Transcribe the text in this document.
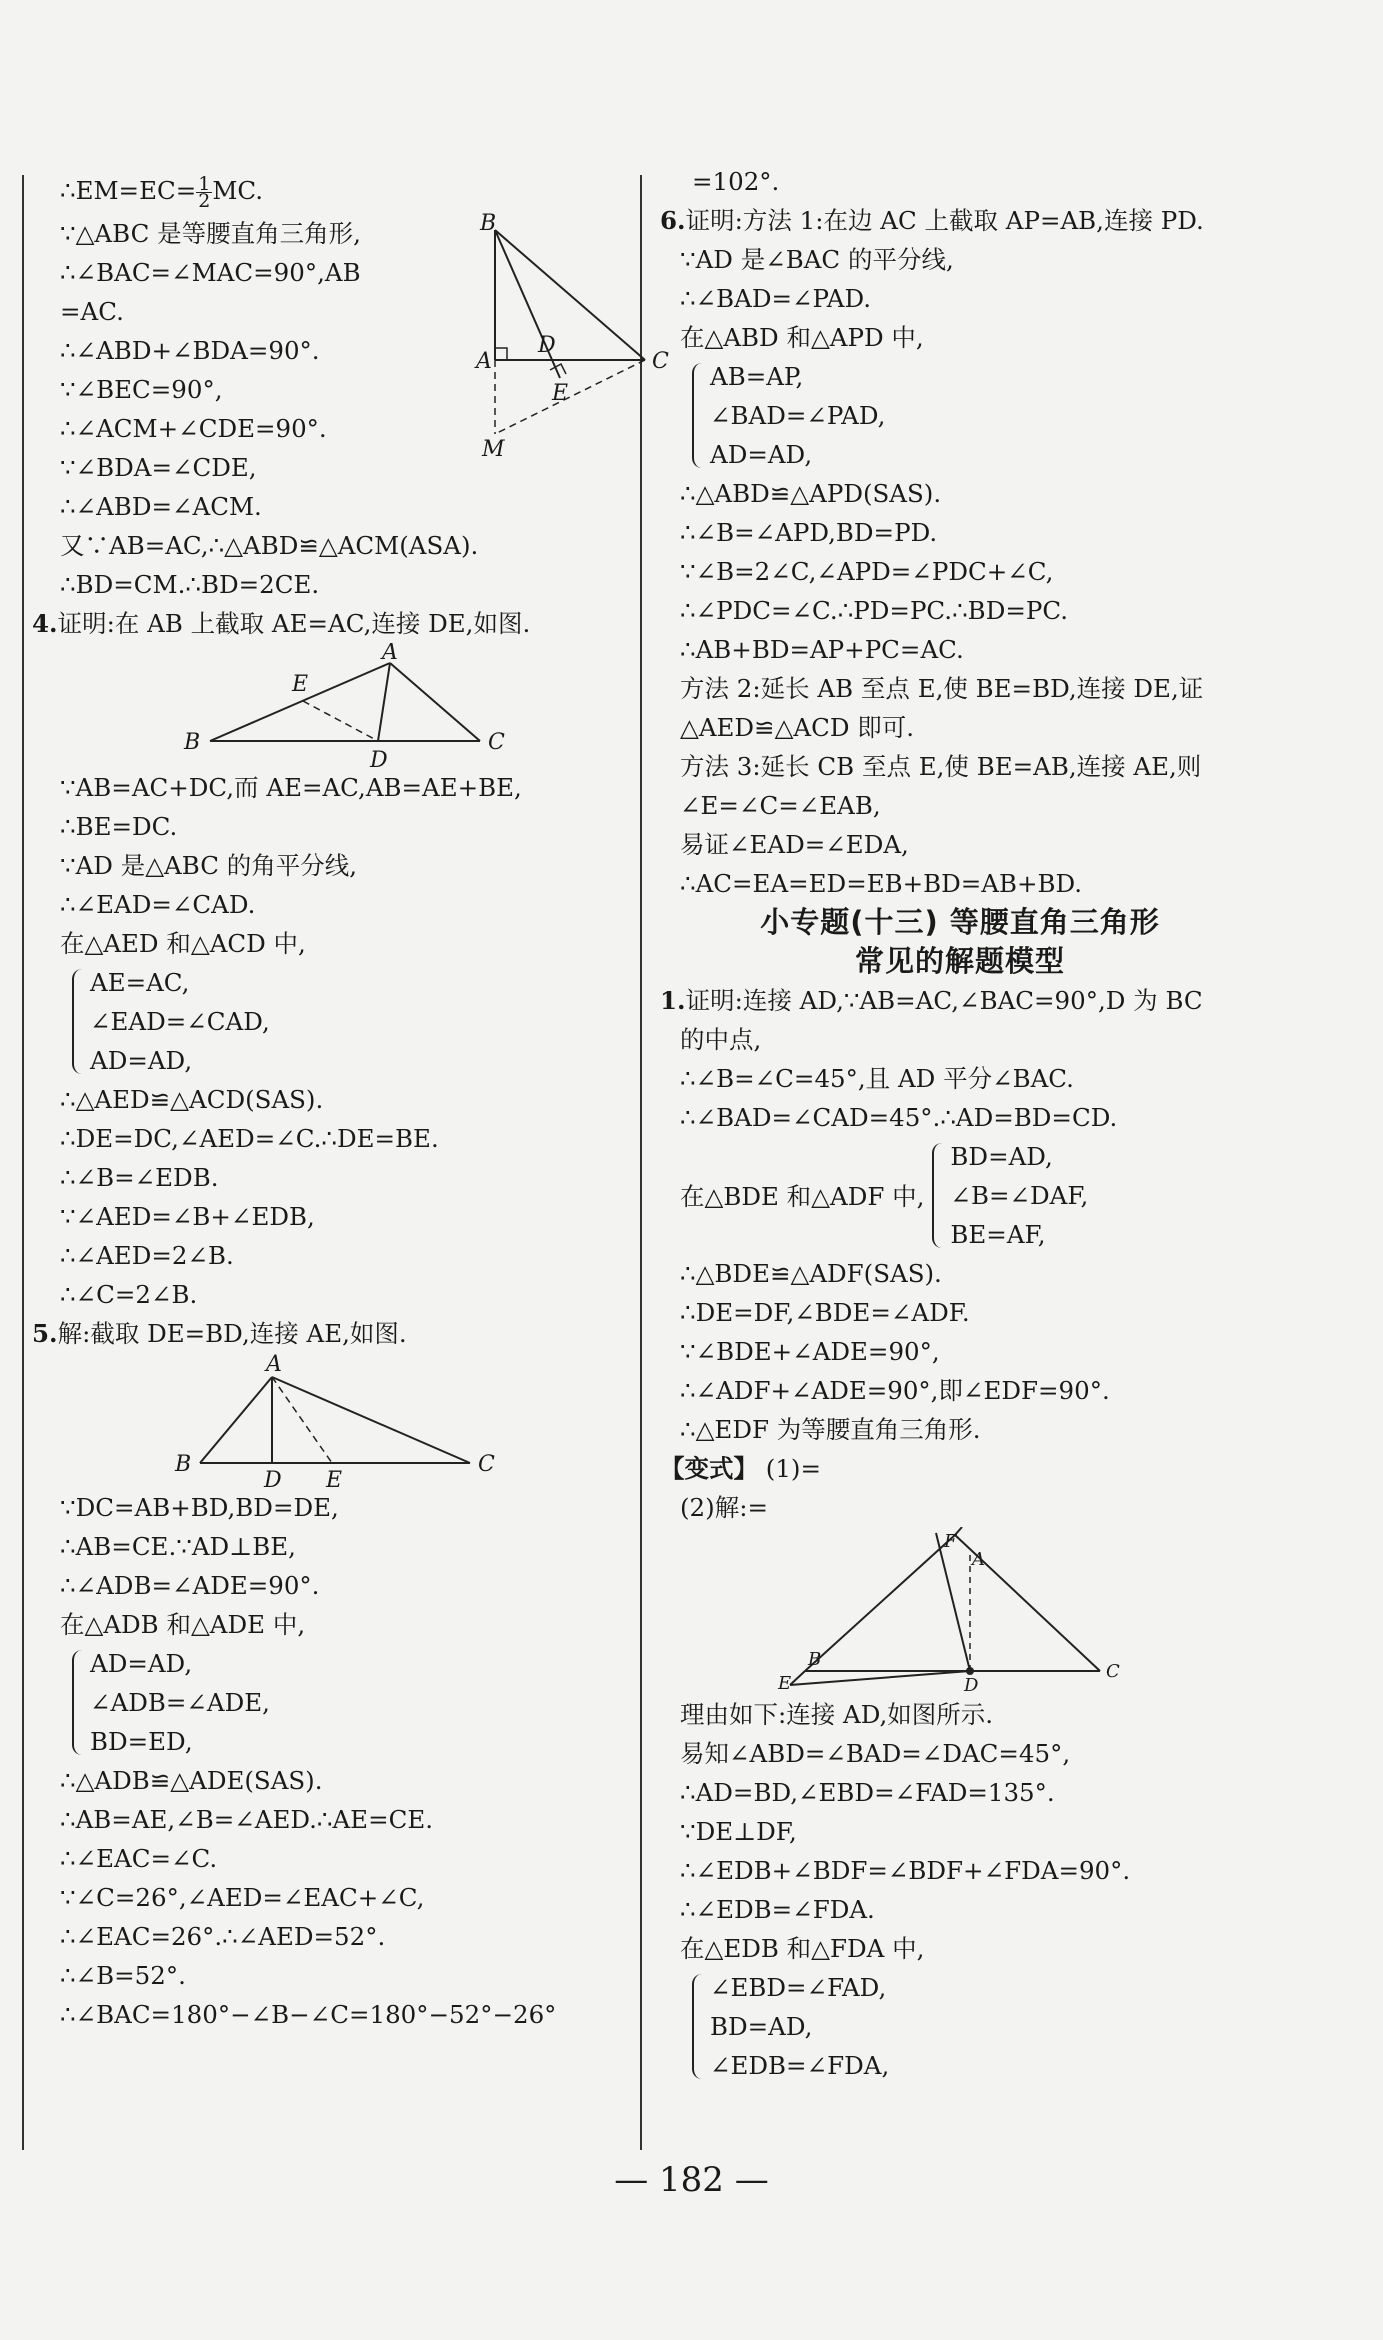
∴EM=EC= $\frac{1}{2}$ MC.
∵△ABC 是等腰直角三角形,
∴∠BAC=∠MAC=90°,AB
=AC.
∴∠ABD+∠BDA=90°.
∵∠BEC=90°,
∴∠ACM+∠CDE=90°.
∵∠BDA=∠CDE,
∴∠ABD=∠ACM.
B
A
D
C
E
M
又∵AB=AC,∴△ABD≌△ACM(ASA).
∴BD=CM.∴BD=2CE.
4.证明:在 AB 上截取 AE=AC,连接 DE,如图.
A
E
B
D
C
∵AB=AC+DC,而 AE=AC,AB=AE+BE,
∴BE=DC.
∵AD 是△ABC 的角平分线,
∴∠EAD=∠CAD.
在△AED 和△ACD 中,
AE=AC,
∠EAD=∠CAD,
AD=AD,
∴△AED≌△ACD(SAS).
∴DE=DC,∠AED=∠C.∴DE=BE.
∴∠B=∠EDB.
∵∠AED=∠B+∠EDB,
∴∠AED=2∠B.
∴∠C=2∠B.
5.解:截取 DE=BD,连接 AE,如图.
A
B
D E
C
∵DC=AB+BD,BD=DE,
∴AB=CE.∵AD⊥BE,
∴∠ADB=∠ADE=90°.
在△ADB 和△ADE 中,
AD=AD,
∠ADB=∠ADE,
BD=ED,
∴△ADB≌△ADE(SAS).
∴AB=AE,∠B=∠AED.∴AE=CE.
∴∠EAC=∠C.
∵∠C=26°,∠AED=∠EAC+∠C,
∴∠EAC=26°.∴∠AED=52°.
∴∠B=52°.
∴∠BAC=180°−∠B−∠C=180°−52°−26°
=102°.
6.证明:方法 1:在边 AC 上截取 AP=AB,连接 PD.
∵AD 是∠BAC 的平分线,
∴∠BAD=∠PAD.
在△ABD 和△APD 中,
AB=AP,
∠BAD=∠PAD,
AD=AD,
∴△ABD≌△APD(SAS).
∴∠B=∠APD,BD=PD.
∵∠B=2∠C,∠APD=∠PDC+∠C,
∴∠PDC=∠C.∴PD=PC.∴BD=PC.
∴AB+BD=AP+PC=AC.
方法 2:延长 AB 至点 E,使 BE=BD,连接 DE,证
△AED≌△ACD 即可.
方法 3:延长 CB 至点 E,使 BE=AB,连接 AE,则
∠E=∠C=∠EAB,
易证∠EAD=∠EDA,
∴AC=EA=ED=EB+BD=AB+BD.
小专题(十三) 等腰直角三角形
常见的解题模型
1.证明:连接 AD,∵AB=AC,∠BAC=90°,D 为 BC
的中点,
∴∠B=∠C=45°,且 AD 平分∠BAC.
∴∠BAD=∠CAD=45°.∴AD=BD=CD.
在△BDE 和△ADF 中,
BD=AD,
∠B=∠DAF,
BE=AF,
∴△BDE≌△ADF(SAS).
∴DE=DF,∠BDE=∠ADF.
∵∠BDE+∠ADE=90°,
∴∠ADF+∠ADE=90°,即∠EDF=90°.
∴△EDF 为等腰直角三角形.
【变式】 (1)=
(2)解:=
F
A
B
E	D
C
理由如下:连接 AD,如图所示.
易知∠ABD=∠BAD=∠DAC=45°,
∴AD=BD,∠EBD=∠FAD=135°.
∵DE⊥DF,
∴∠EDB+∠BDF=∠BDF+∠FDA=90°.
∴∠EDB=∠FDA.
在△EDB 和△FDA 中,
∠EBD=∠FAD,
BD=AD,
∠EDB=∠FDA,
— 182 —
